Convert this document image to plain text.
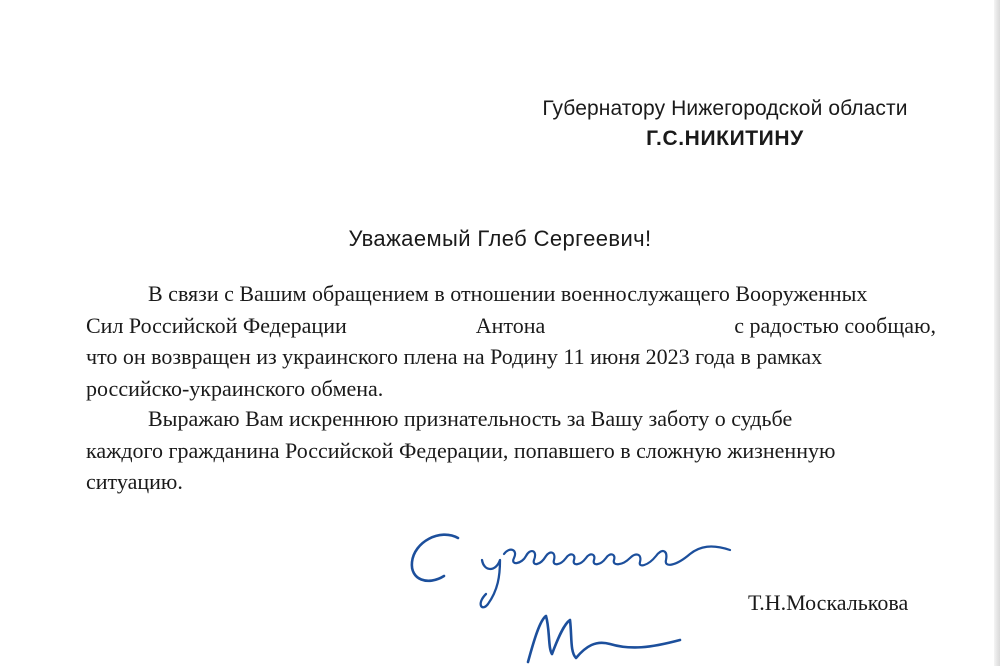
Губернатору Нижегородской области
Г.С.НИКИТИНУ
Уважаемый Глеб Сергеевич!
В связи с Вашим обращением в отношении военнослужащего Вооруженных
Сил Российской Федерации	Антона	с радостью сообщаю,
что он возвращен из украинского плена на Родину 11 июня 2023 года в рамках
российско-украинского обмена.
Выражаю Вам искреннюю признательность за Вашу заботу о судьбе
каждого гражданина Российской Федерации, попавшего в сложную жизненную
ситуацию.
Т.Н.Москалькова
